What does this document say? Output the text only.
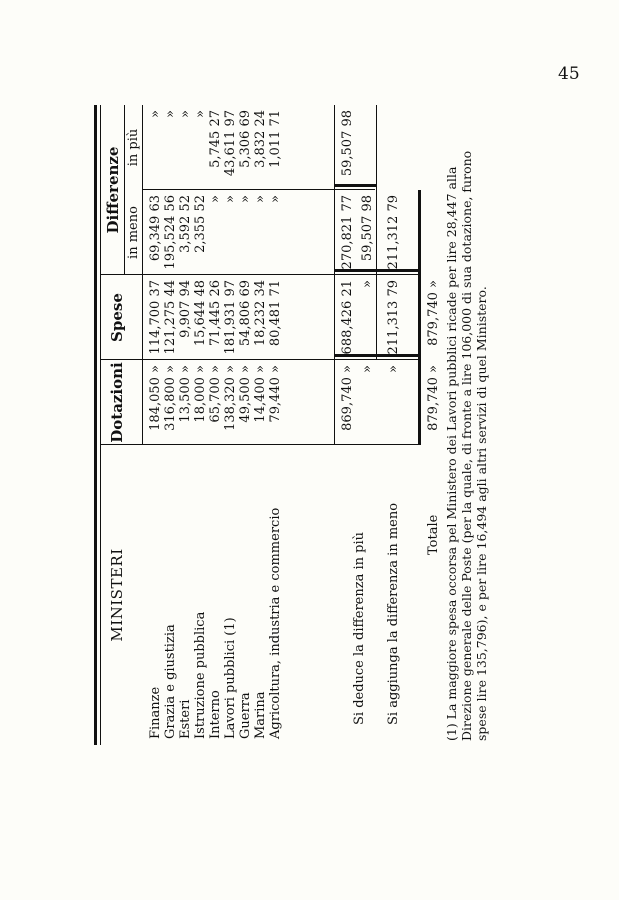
45
MINISTERI
Dotazioni
Spese
Differenze in meno
in più
Finanze
184,050 »
114,700 37
69,349 63
»
Grazia e giustizia
316,800 »
121,275 44
195,524 56
»
Esteri
13,500 »
9,907 94
3,592 52
»
Istruzione pubblica
18,000 »
15,644 48
2,355 52
»
Interno
65,700 »
71,445 26
»
5,745 27
Lavori pubblici (1)
138,320 »
181,931 97
»
43,611 97
Guerra
49,500 »
54,806 69
»
5,306 69
Marina
14,400 »
18,232 34
»
3,832 24
Agricoltura, industria e commercio
79,440 »
80,481 71
»
1,011 71
869,740 »
688,426 21
270,821 77
59,507 98
Si deduce la differenza in più
»
»
59,507 98
Si aggiunga la differenza in meno
»
211,313 79
211,312 79
Totale
879,740 »
879,740 » (1) La maggiore spesa occorsa pel Ministero dei Lavori pubblici ricade per lire 28,447 alla Direzione generale delle Poste (per la quale, di fronte a lire 106,000 di sua dotazione, furono spese lire 135,796), e per lire 16,494 agli altri servizi di quel Ministero.
